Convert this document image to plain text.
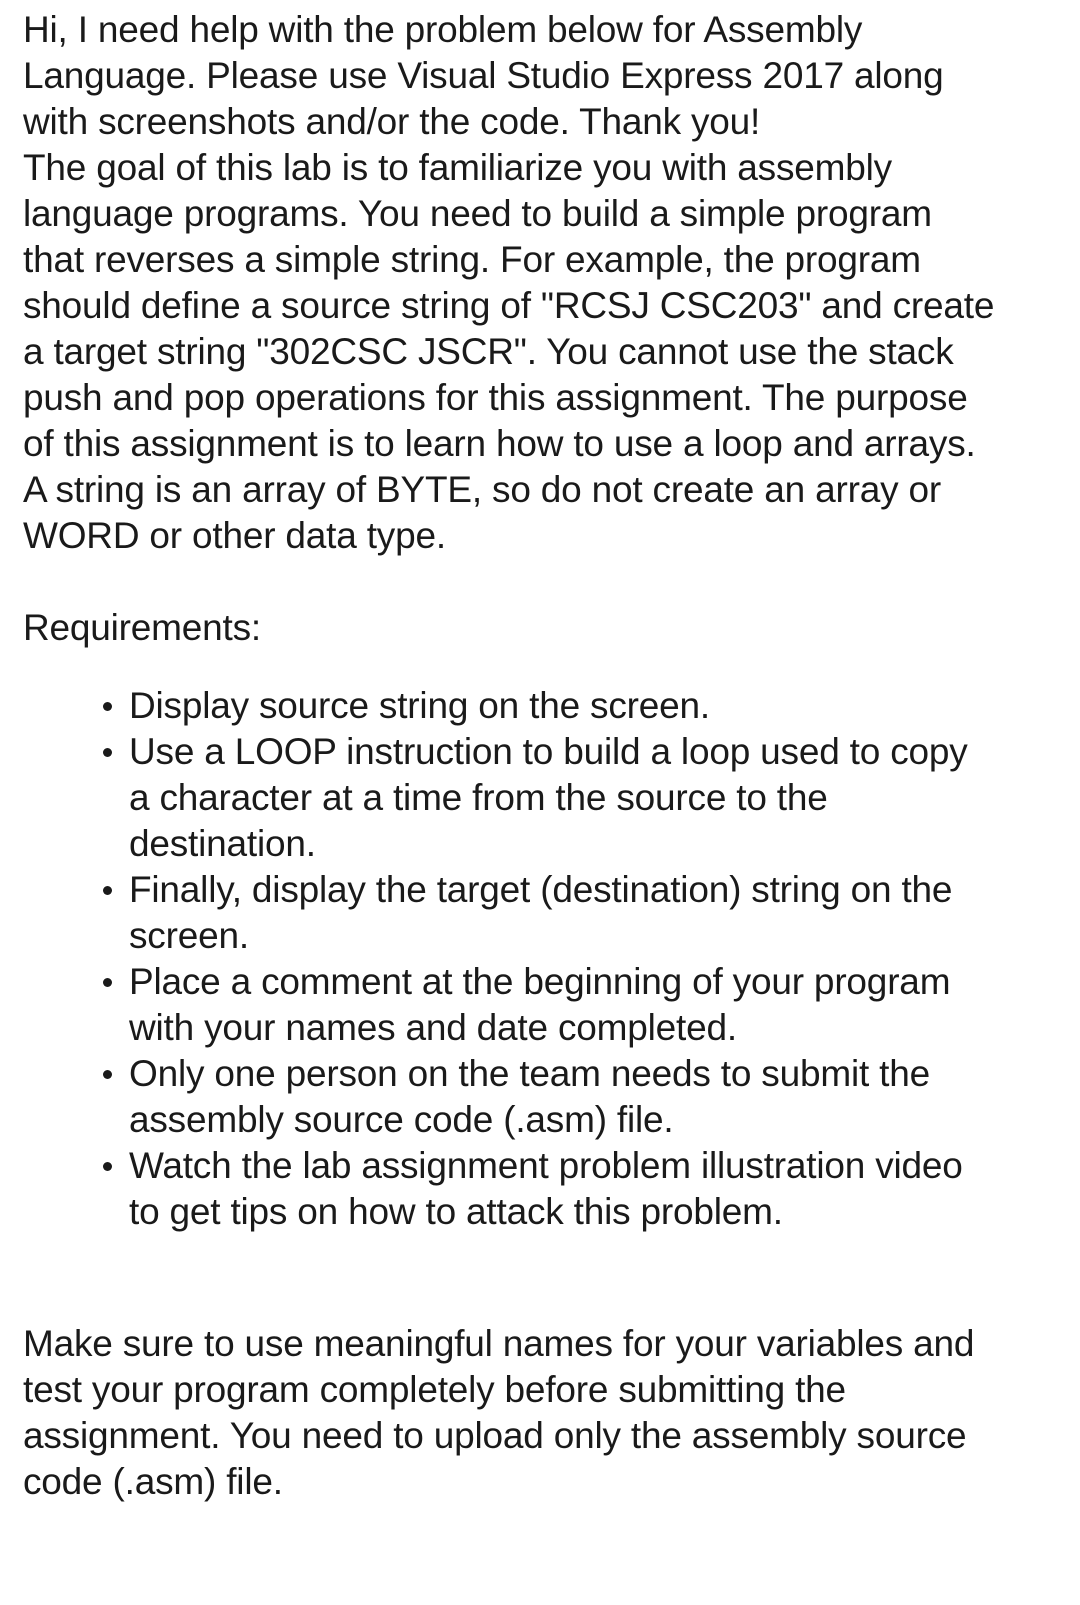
Hi, I need help with the problem below for Assembly
Language. Please use Visual Studio Express 2017 along
with screenshots and/or the code. Thank you!
The goal of this lab is to familiarize you with assembly
language programs. You need to build a simple program
that reverses a simple string. For example, the program
should define a source string of "RCSJ CSC203" and create
a target string "302CSC JSCR". You cannot use the stack
push and pop operations for this assignment. The purpose
of this assignment is to learn how to use a loop and arrays.
A string is an array of BYTE, so do not create an array or
WORD or other data type.

Requirements:

Display source string on the screen.
Use a LOOP instruction to build a loop used to copy
a character at a time from the source to the
destination.
Finally, display the target (destination) string on the
screen.
Place a comment at the beginning of your program
with your names and date completed.
Only one person on the team needs to submit the
assembly source code (.asm) file.
Watch the lab assignment problem illustration video
to get tips on how to attack this problem.

Make sure to use meaningful names for your variables and
test your program completely before submitting the
assignment. You need to upload only the assembly source
code (.asm) file.
